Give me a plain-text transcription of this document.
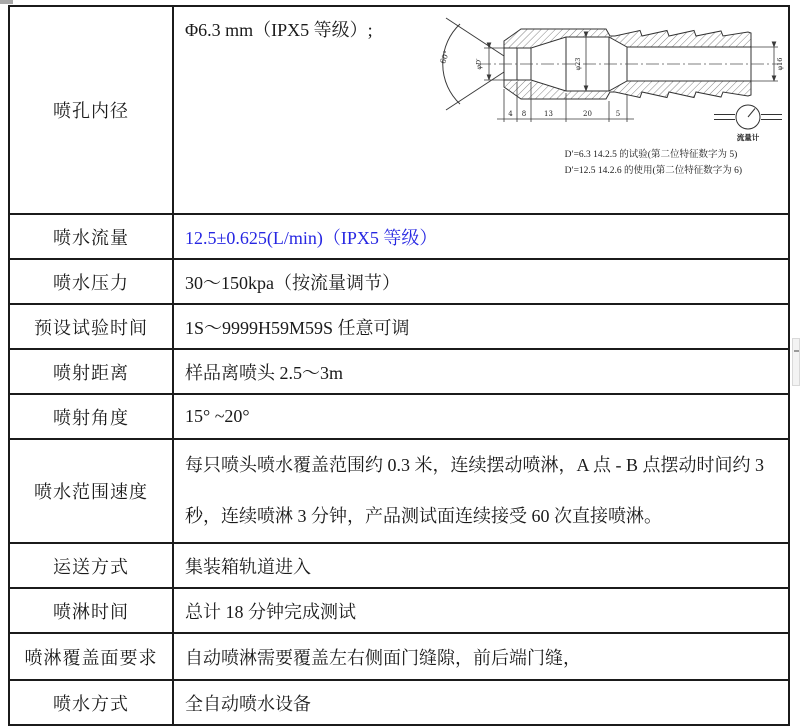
喷孔内径	Φ6.3 mm（IPX5 等级）;
60°	φD′	φ23	φ16
4 8	13	20	5
流量计
D′=6.3 14.2.5 的试验(第二位特征数字为 5)
D′=12.5 14.2.6 的使用(第二位特征数字为 6)

喷水流量	12.5±0.625(L/min)（IPX5 等级）
喷水压力	30～150kpa（按流量调节）
预设试验时间	1S～9999H59M59S 任意可调
喷射距离	样品离喷头 2.5～3m
喷射角度	15° ~20°
喷水范围速度	每只喷头喷水覆盖范围约 0.3 米，连续摆动喷淋，A 点 - B 点摆动时间约 3 秒，连续喷淋 3 分钟，产品测试面连续接受 60 次直接喷淋。
运送方式	集装箱轨道进入
喷淋时间	总计 18 分钟完成测试
喷淋覆盖面要求	自动喷淋需要覆盖左右侧面门缝隙，前后端门缝，
喷水方式	全自动喷水设备
